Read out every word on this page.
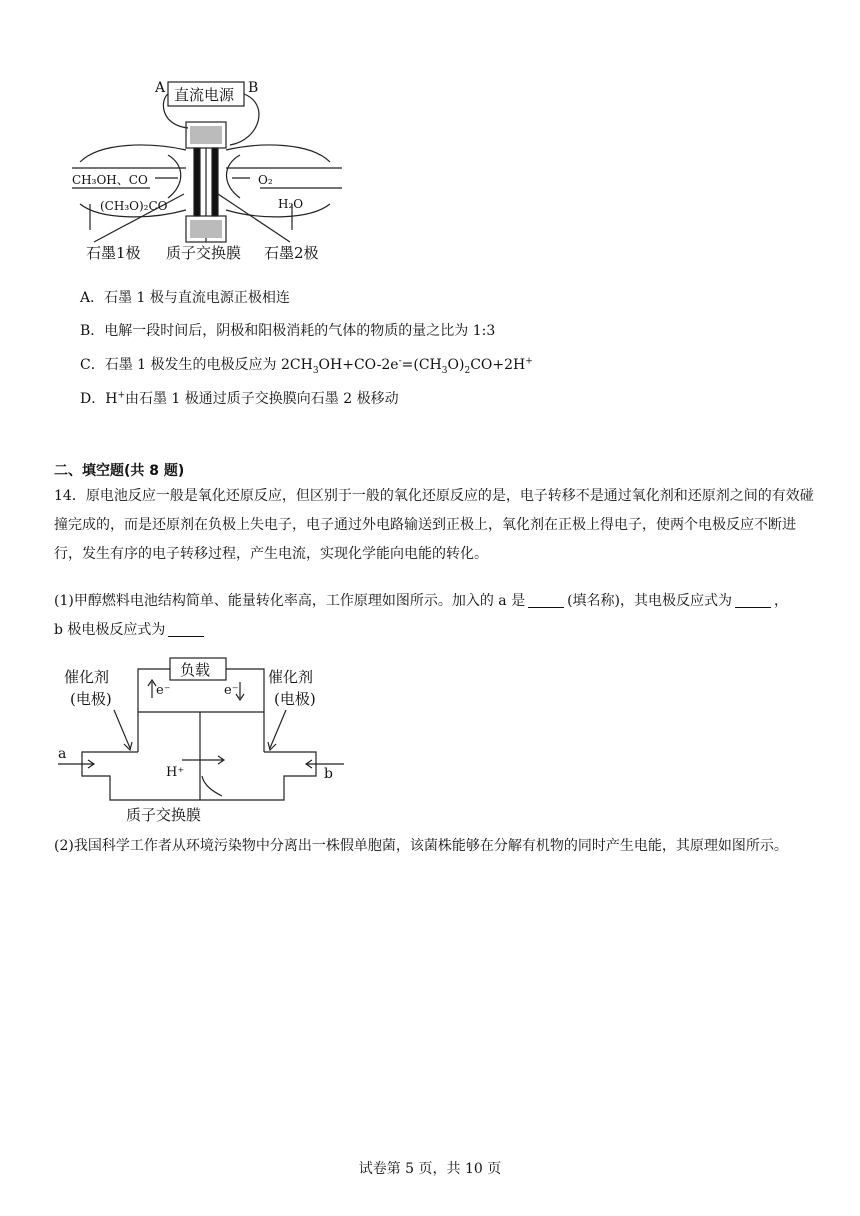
直流电源
A	B
CH₃OH、CO
(CH₃O)₂CO
O₂
H₂O
石墨1极 质子交换膜 石墨2极
A．石墨 1 极与直流电源正极相连
B．电解一段时间后，阴极和阳极消耗的气体的物质的量之比为 1:3
C．石墨 1 极发生的电极反应为 $2CH_3OH+CO-2e^-=(CH_3O)_2CO+2H^+$
D．H+由石墨 1 极通过质子交换膜向石墨 2 极移动
二、填空题(共 8 题)
14．原电池反应一般是氧化还原反应，但区别于一般的氧化还原反应的是，电子转移不是通过氧化剂和还原剂之间的有效碰撞完成的，而是还原剂在负极上失电子，电子通过外电路输送到正极上，氧化剂在正极上得电子，使两个电极反应不断进行，发生有序的电子转移过程，产生电流，实现化学能向电能的转化。
(1)甲醇燃料电池结构简单、能量转化率高，工作原理如图所示。加入的 a 是	(填名称)，其电极反应式为	，
b 极电极反应式为
负载
催化剂
(电极)
催化剂
(电极)
e⁻	e⁻
a
b
H⁺
质子交换膜
(2)我国科学工作者从环境污染物中分离出一株假单胞菌，该菌株能够在分解有机物的同时产生电能，其原理如图所示。
试卷第 5 页，共 10 页
